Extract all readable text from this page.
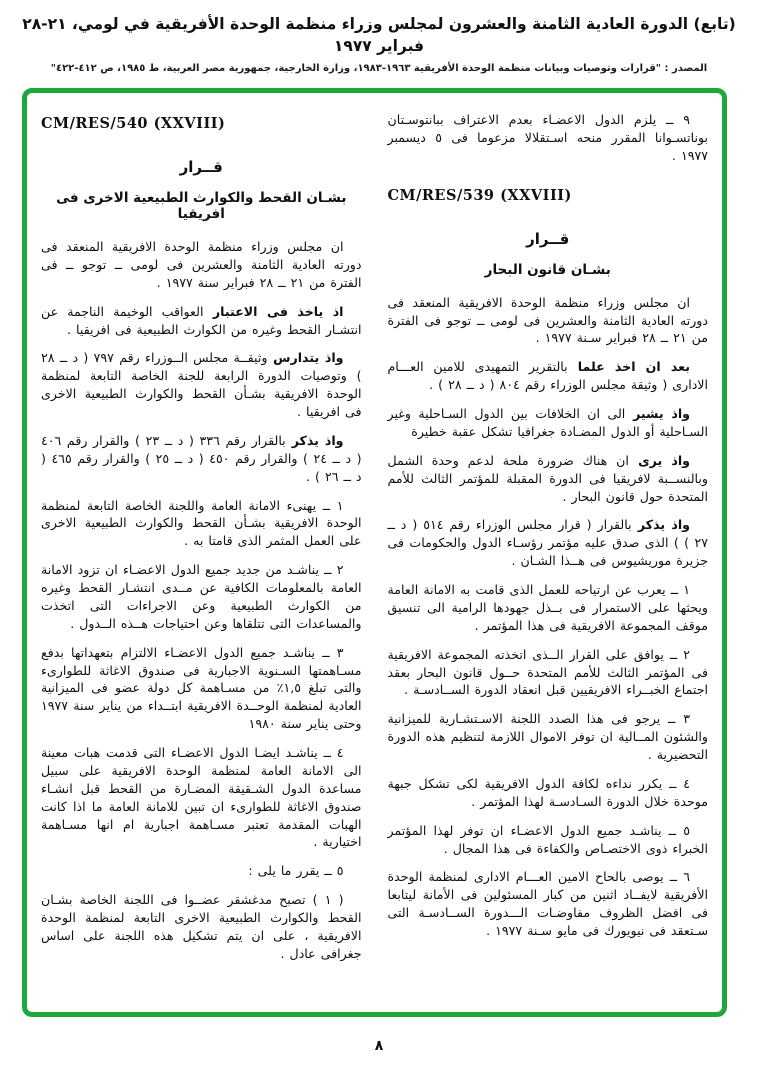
(تابع) الدورة العادية الثامنة والعشرون لمجلس وزراء منظمة الوحدة الأفريقية في لومي، ٢١-٢٨ فبراير ١٩٧٧
المصدر : "قرارات وتوصيات وبيانات منظمة الوحدة الأفريقية ١٩٦٣-١٩٨٣، وزارة الخارجية، جمهورية مصر العربية، ط ١٩٨٥، ص ٤١٢-٤٢٢"

٩ ــ يلزم الدول الاعضـاء بعدم الاعتراف ببانتوسـتان بوناتسـوانا المقرر منحه اسـتقلالا مزعوما فى ٥ ديسمبر ١٩٧٧ .

CM/RES/539 (XXVIII)
قــرار
بشـان قانون البحار

ان مجلس وزراء منظمة الوحدة الافريقية المنعقد فى دورته العادية الثامنة والعشرين فى لومى ــ توجو فى الفترة من ٢١ ــ ٢٨ فبراير سـنة ١٩٧٧ .

بعد ان اخذ علما بالتقرير التمهيدى للامين العـــام الادارى ( وثيقة مجلس الوزراء رقم ٨٠٤ ( د ــ ٢٨ ) .

واذ يشير الى ان الخلافات بين الدول السـاحلية وغير السـاحلية أو الدول المضـادة جغرافيا تشكل عقبة خطيرة

واذ يرى ان هناك ضرورة ملحة لدعم وحدة الشمل وبالنســبة لافريقيا فى الدورة المقبلة للمؤتمر الثالث للأمم المتحدة حول قانون البحار .

واذ يذكر بالقرار ( قرار مجلس الوزراء رقم ٥١٤ ( د ــ ٢٧ ) ) الذى صدق عليه مؤتمر رؤسـاء الدول والحكومات فى جزيرة موريشيوس فى هــذا الشـان .

١ ــ يعرب عن ارتياحه للعمل الذى قامت به الامانة العامة ويحثها على الاستمرار فى بــذل جهودها الرامية الى تنسيق موقف المجموعة الافريقية فى هذا المؤتمر .

٢ ــ يوافق على القرار الــذى اتخذته المجموعة الافريقية فى المؤتمر الثالث للأمم المتحدة حــول قانون البحار بعقد اجتماع الخبــراء الافريقيين قبل انعقاد الدورة الســادسـة .

٣ ــ يرجو فى هذا الصدد اللجنة الاسـتشـارية للميزانية والشئون المــالية ان توفر الاموال اللازمة لتنظيم هذه الدورة التحضيرية .

٤ ــ يكرر نداءه لكافة الدول الافريقية لكى تشكل جبهة موحدة خلال الدورة السـادسـة لهذا المؤتمر .

٥ ــ يناشـد جميع الدول الاعضـاء ان توفر لهذا المؤتمر الخبراء ذوى الاختصـاص والكفاءة فى هذا المجال .

٦ ــ يوصى بالحاح الامين العـــام الادارى لمنظمة الوحدة الأفريقية لايفــاد اثنين من كبار المسئولين فى الأمانة ليتابعا فى افضل الظروف مفاوضـات الـــدورة الســادسـة التى سـتعقد فى نيويورك فى مايو سـنة ١٩٧٧ .

CM/RES/540 (XXVIII)
قــرار
بشـان القحط والكوارث الطبيعية الاخرى فى افريقيا

ان مجلس وزراء منظمة الوحدة الافريقية المنعقد فى دورته العادية الثامنة والعشرين فى لومى ــ توجو ــ فى الفترة من ٢١ ــ ٢٨ فبراير سنة ١٩٧٧ .

اذ ياخذ فى الاعتبار العواقب الوخيمة الناجمة عن انتشـار القحط وغيره من الكوارث الطبيعية فى افريقيا .

واذ يتدارس وثيقــة مجلس الــوزراء رقم ٧٩٧ ( د ــ ٢٨ ) وتوصيات الدورة الرابعة للجنة الخاصة التابعة لمنظمة الوحدة الافريقية بشـأن القحط والكوارث الطبيعية الاخرى فى افريقيا .

واذ يذكر بالقرار رقم ٣٣٦ ( د ــ ٢٣ ) والقرار رقم ٤٠٦ ( د ــ ٢٤ ) والقرار رقم ٤٥٠ ( د ــ ٢٥ ) والقرار رقم ٤٦٥ ( د ــ ٢٦ ) .

١ ــ يهنىء الامانة العامة واللجنة الخاصة التابعة لمنظمة الوحدة الافريقية بشـأن القحط والكوارث الطبيعية الاخرى على العمل المثمر الذى قامتا به .

٢ ــ يناشـد من جديد جميع الدول الاعضـاء ان تزود الامانة العامة بالمعلومات الكافية عن مــدى انتشـار القحط وغيره من الكوارث الطبيعية وعن الاجراءات التى اتخذت والمساعدات التى تتلقاها وعن احتياجات هــذه الــدول .

٣ ــ يناشـد جميع الدول الاعضـاء الالتزام بتعهداتها بدفع مسـاهمتها السـنوية الاجبارية فى صندوق الاغاثة للطوارىء والتى تبلغ ١,٥٪ من مسـاهمة كل دولة عضو فى الميزانية العادية لمنظمة الوحــدة الافريقية ابتــداء من يناير سنة ١٩٧٧ وحتى يناير سنة ١٩٨٠

٤ ــ يناشـد ايضـا الدول الاعضـاء التى قدمت هبات معينة الى الامانة العامة لمنظمة الوحدة الافريقية على سبيل مساعدة الدول الشـقيقة المضـارة من القحط قبل انشـاء صندوق الاغاثة للطوارىء ان تبين للامانة العامة ما اذا كانت الهبات المقدمة تعتبر مسـاهمة اجبارية ام انها مسـاهمة اختيارية .

٥ ــ يقرر ما يلى :

( ١ ) تصبح مدغشقر عضــوا فى اللجنة الخاصة بشـان القحط والكوارث الطبيعية الاخرى التابعة لمنظمة الوحدة الافريقية ، على ان يتم تشكيل هذه اللجنة على اساس جغرافى عادل .

٨
